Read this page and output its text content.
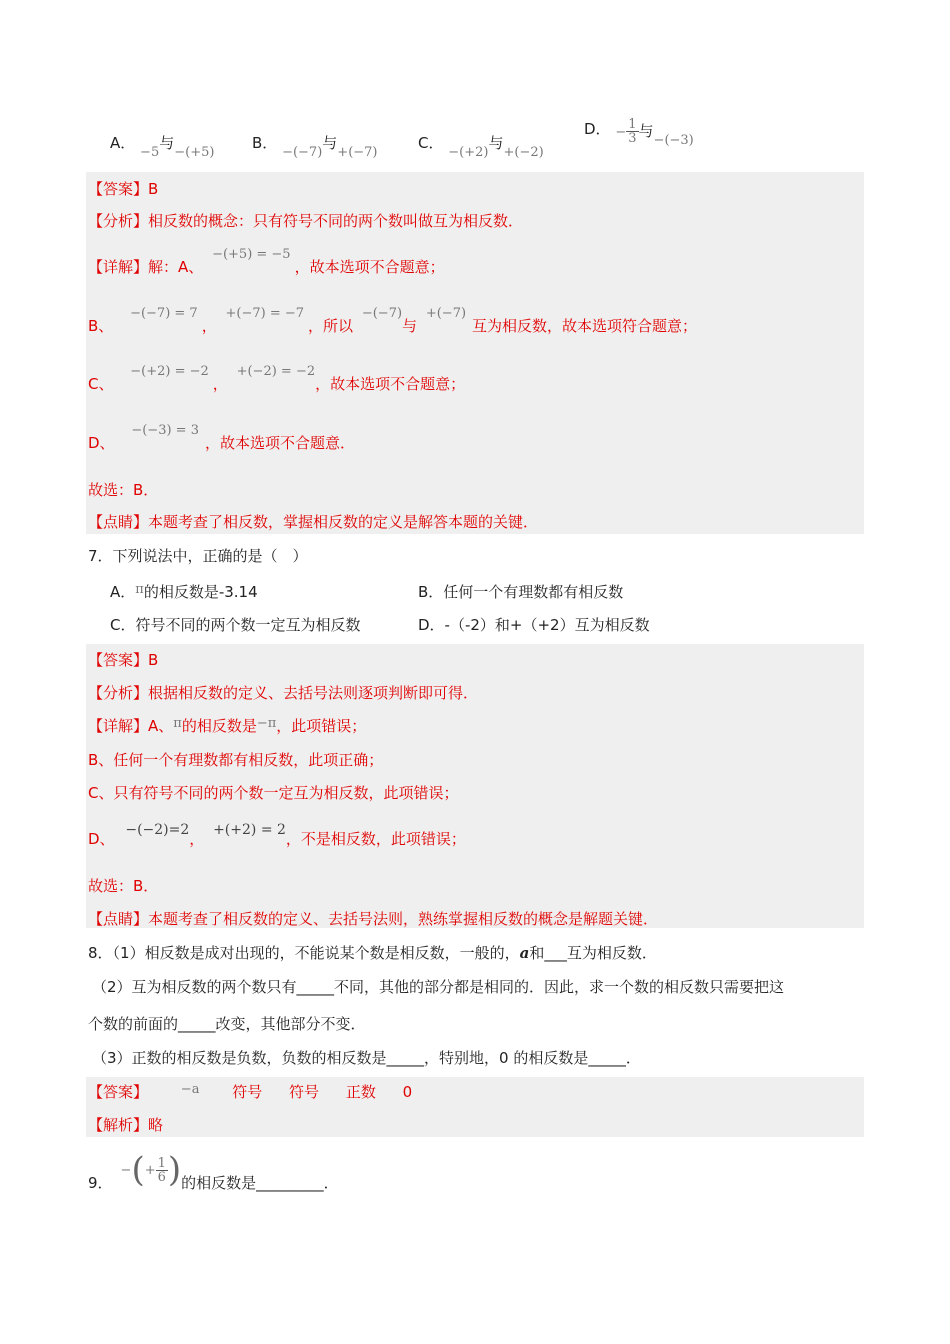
A． −5与−(+5)
B． −(−7)与+(−7)
C． −(+2)与+(−2)
D． − $\frac{1}{3}$ 与−(−3)
【答案】B
【分析】相反数的概念：只有符号不同的两个数叫做互为相反数．
【详解】解：A、 −(+5) = −5，故本选项不合题意；
B、 −(−7) = 7， +(−7) = −7，所以 −(−7)与 +(−7)互为相反数，故本选项符合题意；
C、 −(+2) = −2， +(−2) = −2，故本选项不合题意；
D、 −(−3) = 3，故本选项不合题意．
故选：B．
【点睛】本题考查了相反数，掌握相反数的定义是解答本题的关键．
7．下列说法中，正确的是（　）
A．π的相反数是-3.14	B．任何一个有理数都有相反数
C．符号不同的两个数一定互为相反数	D．-（-2）和+（+2）互为相反数
【答案】B
【分析】根据相反数的定义、去括号法则逐项判断即可得．
【详解】A、π的相反数是−π，此项错误；
B、任何一个有理数都有相反数，此项正确；
C、只有符号不同的两个数一定互为相反数，此项错误；
D、 −(−2)=2， +(+2) = 2，不是相反数，此项错误；
故选：B．
【点睛】本题考查了相反数的定义、去括号法则，熟练掌握相反数的概念是解题关键．
8．（1）相反数是成对出现的，不能说某个数是相反数，一般的，a和___互为相反数．
（2）互为相反数的两个数只有_____不同，其他的部分都是相同的．因此，求一个数的相反数只需要把这
个数的前面的_____改变，其他部分不变．
（3）正数的相反数是负数，负数的相反数是_____，特别地，0 的相反数是_____．
【答案】	−a 符号 符号 正数 0
【解析】略
9．
− ( + $\frac{1}{6}$ ) 的相反数是_________．
